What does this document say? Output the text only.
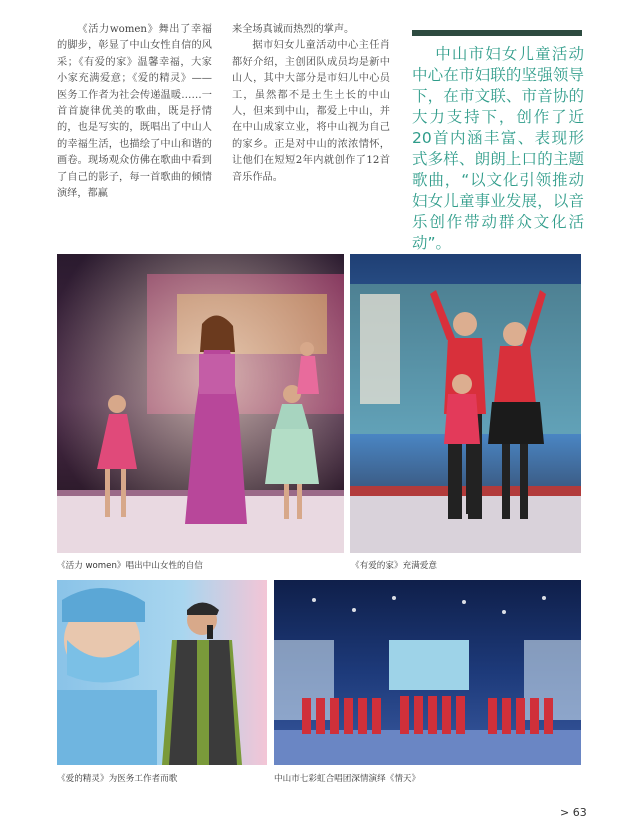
《活力women》舞出了幸福的脚步，彰显了中山女性自信的风采；《有爱的家》温馨幸福，大家小家充满爱意；《爱的精灵》——医务工作者为社会传递温暖……一首首旋律优美的歌曲，既是抒情的，也是写实的，既唱出了中山人的幸福生活，也描绘了中山和谐的画卷。现场观众仿佛在歌曲中看到了自己的影子，每一首歌曲的倾情演绎，都赢

来全场真诚而热烈的掌声。

据市妇女儿童活动中心主任肖都好介绍，主创团队成员均是新中山人，其中大部分是市妇儿中心员工，虽然都不是土生土长的中山人，但来到中山，都爱上中山，并在中山成家立业，将中山视为自己的家乡。正是对中山的浓浓情怀，让他们在短短2年内就创作了12首音乐作品。

中山市妇女儿童活动中心在市妇联的坚强领导下，在市文联、市音协的大力支持下，创作了近20首内涵丰富、表现形式多样、朗朗上口的主题歌曲，“以文化引领推动妇女儿童事业发展，以音乐创作带动群众文化活动”。
《活力 women》唱出中山女性的自信	《有爱的家》充满爱意
《爱的精灵》为医务工作者而歌	中山市七彩虹合唱团深情演绎《情天》
> 63
